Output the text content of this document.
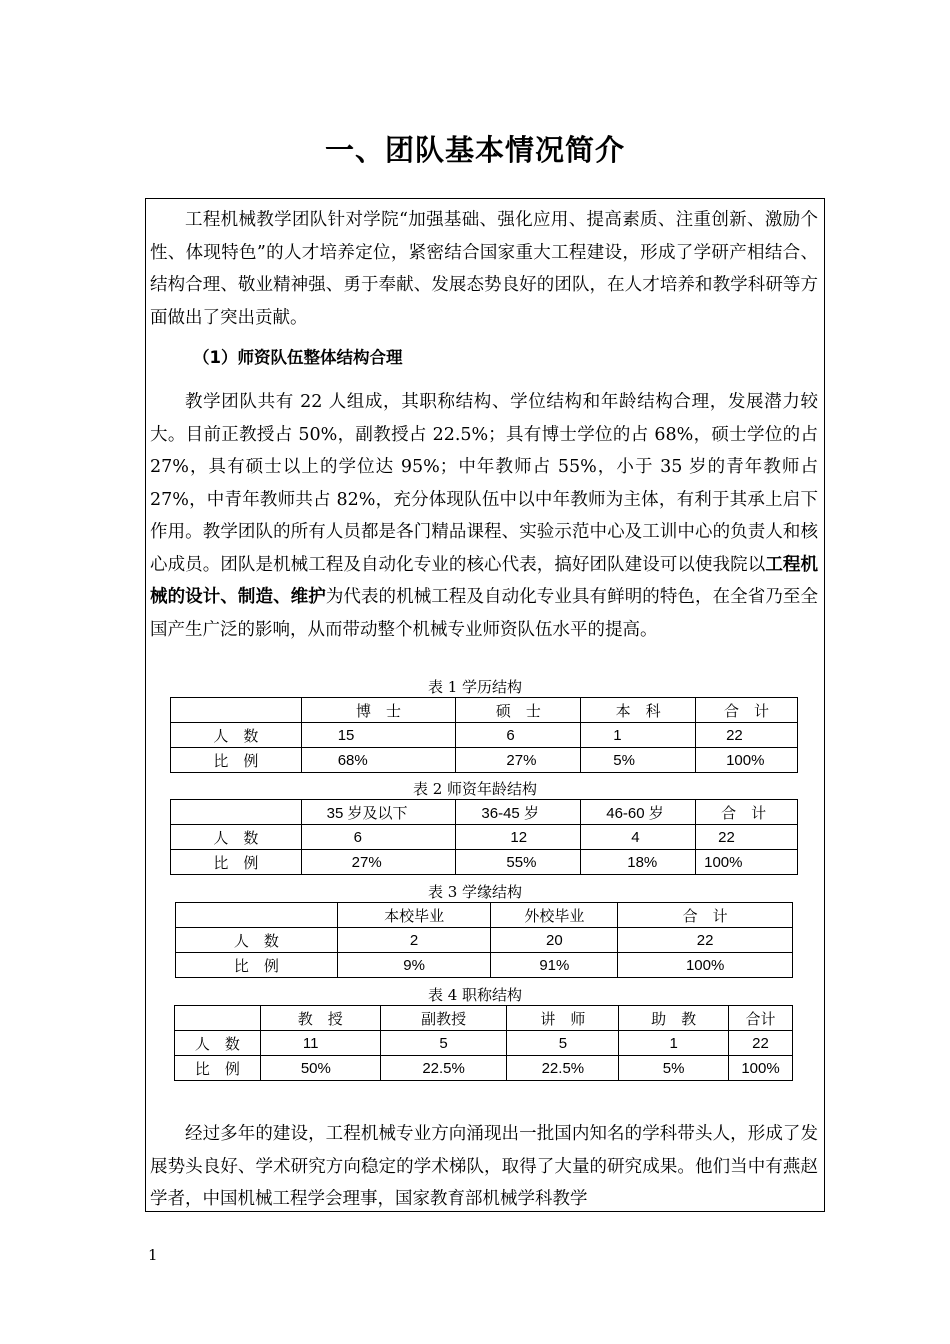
一、团队基本情况简介

工程机械教学团队针对学院“加强基础、强化应用、提高素质、注重创新、激励个性、体现特色”的人才培养定位，紧密结合国家重大工程建设，形成了学研产相结合、结构合理、敬业精神强、勇于奉献、发展态势良好的团队，在人才培养和教学科研等方面做出了突出贡献。

（1）师资队伍整体结构合理

教学团队共有 22 人组成，其职称结构、学位结构和年龄结构合理，发展潜力较大。目前正教授占 50%，副教授占 22.5%；具有博士学位的占 68%，硕士学位的占 27%，具有硕士以上的学位达 95%；中年教师占 55%，小于 35 岁的青年教师占 27%，中青年教师共占 82%，充分体现队伍中以中年教师为主体，有利于其承上启下作用。教学团队的所有人员都是各门精品课程、实验示范中心及工训中心的负责人和核心成员。团队是机械工程及自动化专业的核心代表，搞好团队建设可以使我院以工程机械的设计、制造、维护为代表的机械工程及自动化专业具有鲜明的特色，在全省乃至全国产生广泛的影响，从而带动整个机械专业师资队伍水平的提高。

表 1 学历结构
	博　士	硕　士	本　科	合　计
人　数	15	6	1	22
比　例	68%	27%	5%	100%
表 2 师资年龄结构
	35 岁及以下	36-45 岁	46-60 岁	合　计
人　数	6	12	4	22
比　例	27%	55%	18%	100%
表 3 学缘结构
	本校毕业	外校毕业	合　计
人　数	2	20	22
比　例	9%	91%	100%
表 4 职称结构
	教　授	副教授	讲　师	助　教	合计
人　数	11	5	5	1	22
比　例	50%	22.5%	22.5%	5%	100%

经过多年的建设，工程机械专业方向涌现出一批国内知名的学科带头人，形成了发展势头良好、学术研究方向稳定的学术梯队，取得了大量的研究成果。他们当中有燕赵学者，中国机械工程学会理事，国家教育部机械学科教学

1
